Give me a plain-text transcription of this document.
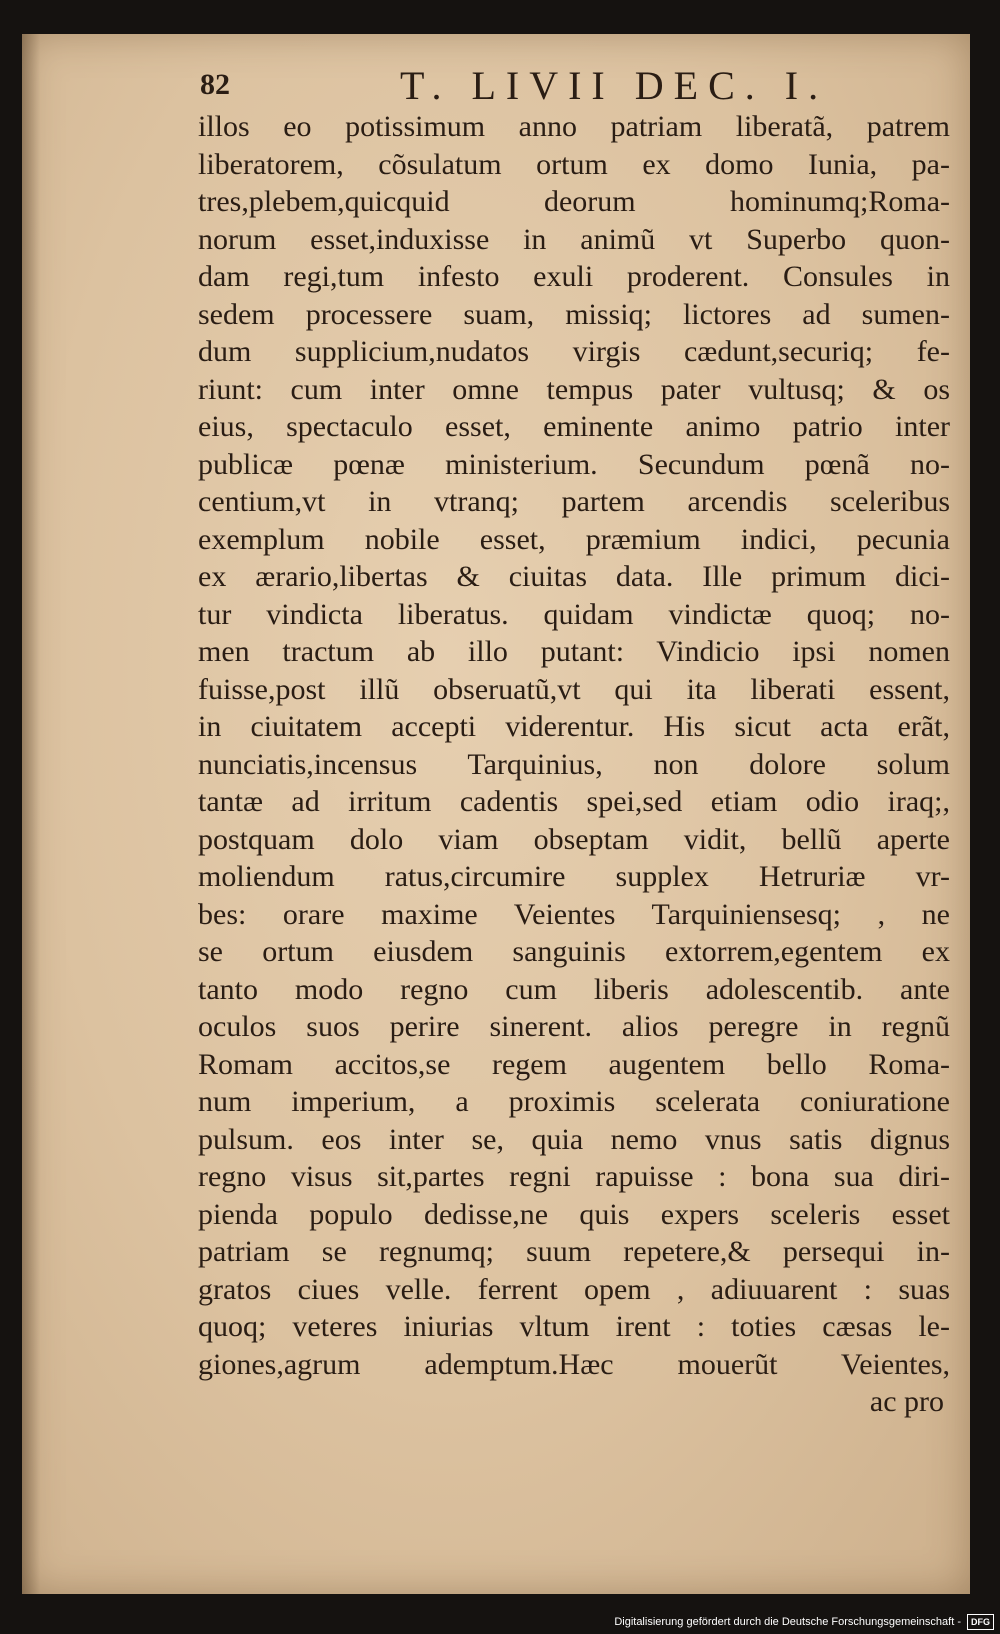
82	T. LIVII DEC. I.
illos eo potissimum anno patriam liberatã, patrem
liberatorem, cõsulatum ortum ex domo Iunia, pa-
tres,plebem,quicquid deorum hominumq;Roma-
norum esset,induxisse in animũ vt Superbo quon-
dam regi,tum infesto exuli proderent. Consules in
sedem processere suam, missiq; lictores ad sumen-
dum supplicium,nudatos virgis cædunt,securiq; fe-
riunt: cum inter omne tempus pater vultusq; & os
eius, spectaculo esset, eminente animo patrio inter
publicæ pœnæ ministerium. Secundum pœnã no-
centium,vt in vtranq; partem arcendis sceleribus
exemplum nobile esset, præmium indici, pecunia
ex ærario,libertas & ciuitas data. Ille primum dici-
tur vindicta liberatus. quidam vindictæ quoq; no-
men tractum ab illo putant: Vindicio ipsi nomen
fuisse,post illũ obseruatũ,vt qui ita liberati essent,
in ciuitatem accepti viderentur. His sicut acta erãt,
nunciatis,incensus Tarquinius, non dolore solum
tantæ ad irritum cadentis spei,sed etiam odio iraq;,
postquam dolo viam obseptam vidit, bellũ aperte
moliendum ratus,circumire supplex Hetruriæ vr-
bes: orare maxime Veientes Tarquiniensesq; , ne
se ortum eiusdem sanguinis extorrem,egentem ex
tanto modo regno cum liberis adolescentib. ante
oculos suos perire sinerent. alios peregre in regnũ
Romam accitos,se regem augentem bello Roma-
num imperium, a proximis scelerata coniuratione
pulsum. eos inter se, quia nemo vnus satis dignus
regno visus sit,partes regni rapuisse : bona sua diri-
pienda populo dedisse,ne quis expers sceleris esset
patriam se regnumq; suum repetere,& persequi in-
gratos ciues velle. ferrent opem , adiuuarent : suas
quoq; veteres iniurias vltum irent : toties cæsas le-
giones,agrum ademptum.Hæc mouerũt Veientes,
ac pro
Digitalisierung gefördert durch die Deutsche Forschungsgemeinschaft -	DFG
